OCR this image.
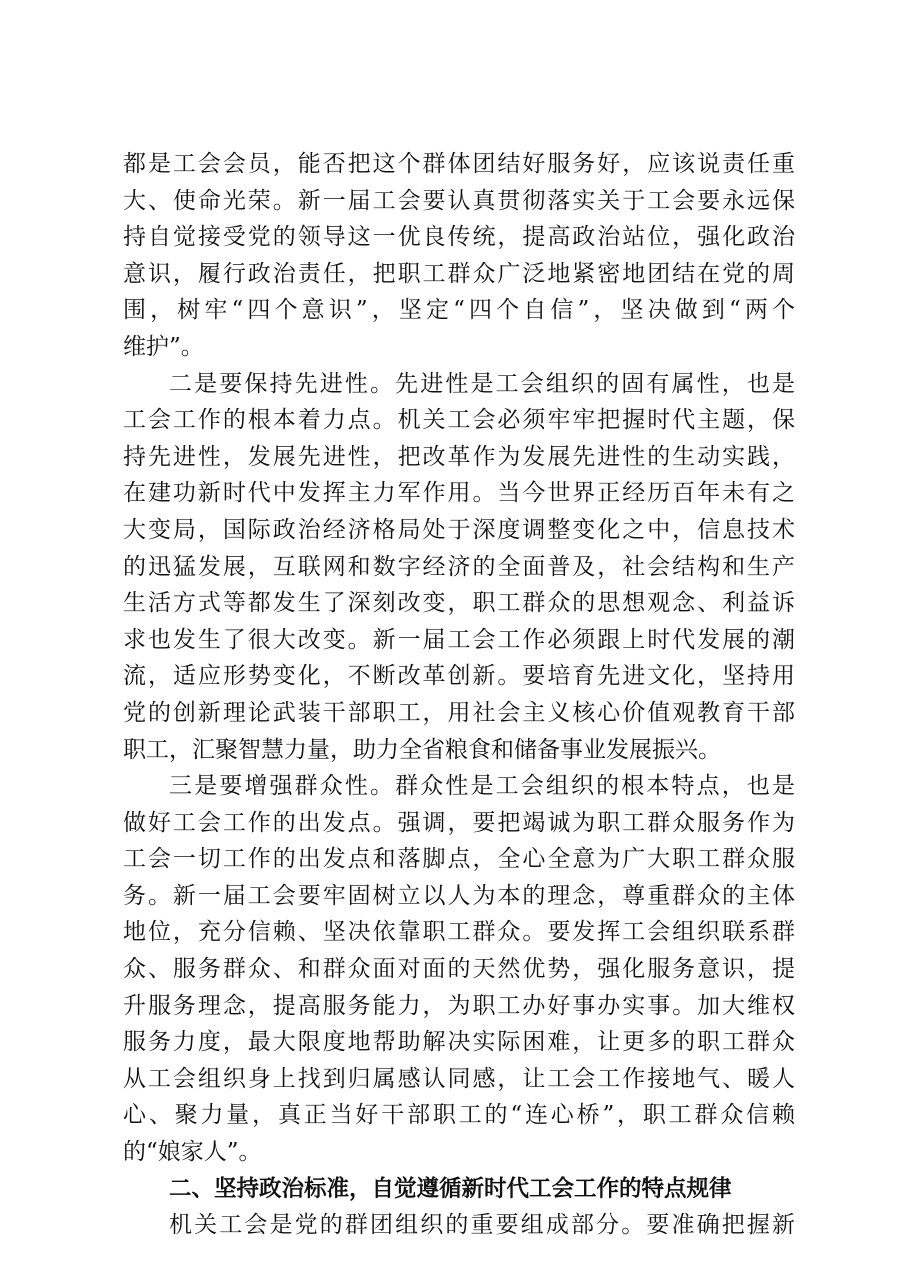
都是工会会员，能否把这个群体团结好服务好，应该说责任重
大、使命光荣。新一届工会要认真贯彻落实关于工会要永远保
持自觉接受党的领导这一优良传统，提高政治站位，强化政治
意识，履行政治责任，把职工群众广泛地紧密地团结在党的周
围，树牢“四个意识”，坚定“四个自信”，坚决做到“两个
维护”。
二是要保持先进性。先进性是工会组织的固有属性，也是
工会工作的根本着力点。机关工会必须牢牢把握时代主题，保
持先进性，发展先进性，把改革作为发展先进性的生动实践，
在建功新时代中发挥主力军作用。当今世界正经历百年未有之
大变局，国际政治经济格局处于深度调整变化之中，信息技术
的迅猛发展，互联网和数字经济的全面普及，社会结构和生产
生活方式等都发生了深刻改变，职工群众的思想观念、利益诉
求也发生了很大改变。新一届工会工作必须跟上时代发展的潮
流，适应形势变化，不断改革创新。要培育先进文化，坚持用
党的创新理论武装干部职工，用社会主义核心价值观教育干部
职工，汇聚智慧力量，助力全省粮食和储备事业发展振兴。
三是要增强群众性。群众性是工会组织的根本特点，也是
做好工会工作的出发点。强调，要把竭诚为职工群众服务作为
工会一切工作的出发点和落脚点，全心全意为广大职工群众服
务。新一届工会要牢固树立以人为本的理念，尊重群众的主体
地位，充分信赖、坚决依靠职工群众。要发挥工会组织联系群
众、服务群众、和群众面对面的天然优势，强化服务意识，提
升服务理念，提高服务能力，为职工办好事办实事。加大维权
服务力度，最大限度地帮助解决实际困难，让更多的职工群众
从工会组织身上找到归属感认同感，让工会工作接地气、暖人
心、聚力量，真正当好干部职工的“连心桥”，职工群众信赖
的“娘家人”。
二、坚持政治标准，自觉遵循新时代工会工作的特点规律
机关工会是党的群团组织的重要组成部分。要准确把握新
